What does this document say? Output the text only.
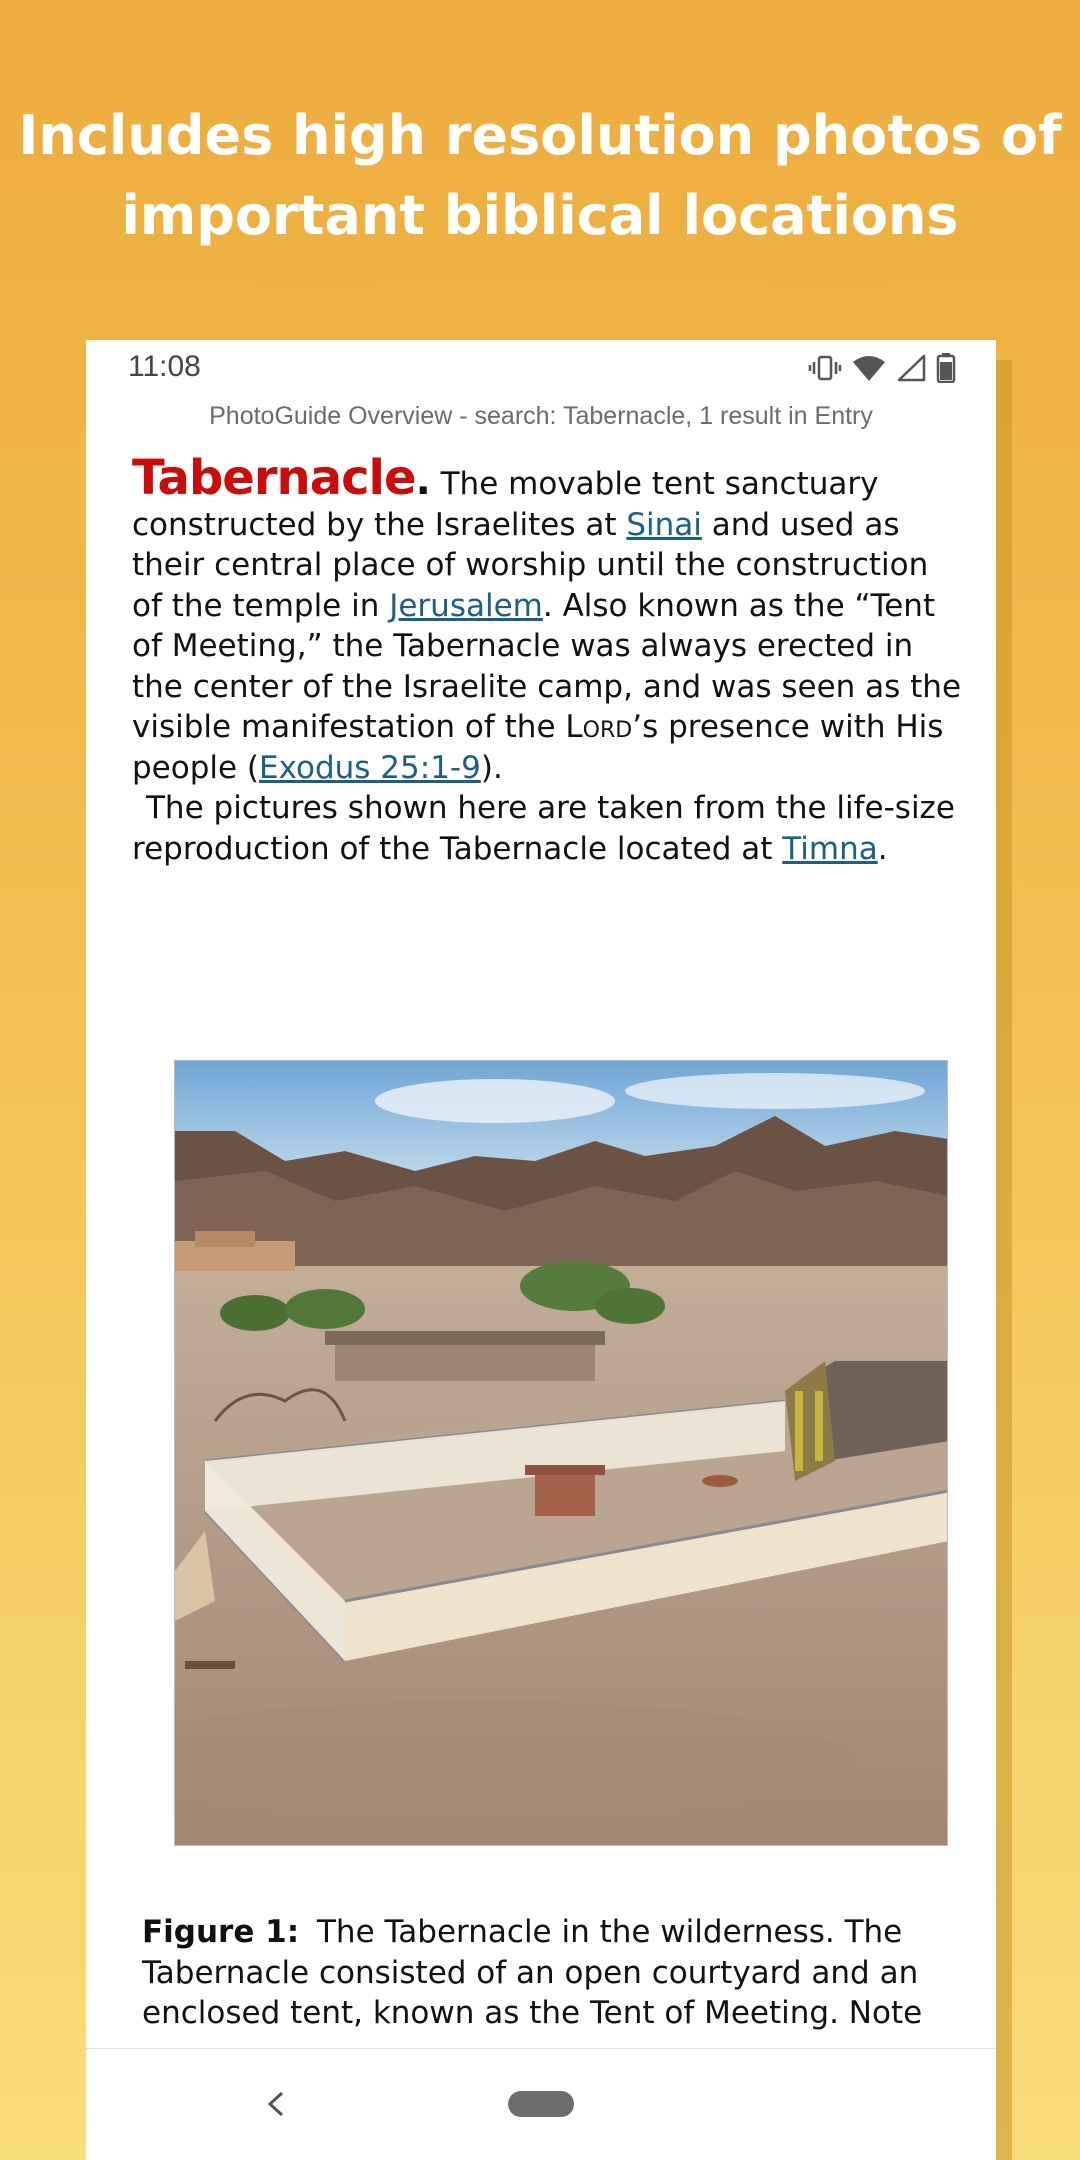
Includes high resolution photos of
important biblical locations
11:08
PhotoGuide Overview - search: Tabernacle, 1 result in Entry
Tabernacle. The movable tent sanctuary constructed by the Israelites at Sinai and used as their central place of worship until the construction of the temple in Jerusalem. Also known as the “Tent of Meeting,” the Tabernacle was always erected in the center of the Israelite camp, and was seen as the visible manifestation of the Lord’s presence with His people (Exodus 25:1-9).
The pictures shown here are taken from the life-size reproduction of the Tabernacle located at Timna.
Figure 1: The Tabernacle in the wilderness. The Tabernacle consisted of an open courtyard and an enclosed tent, known as the Tent of Meeting. Note
